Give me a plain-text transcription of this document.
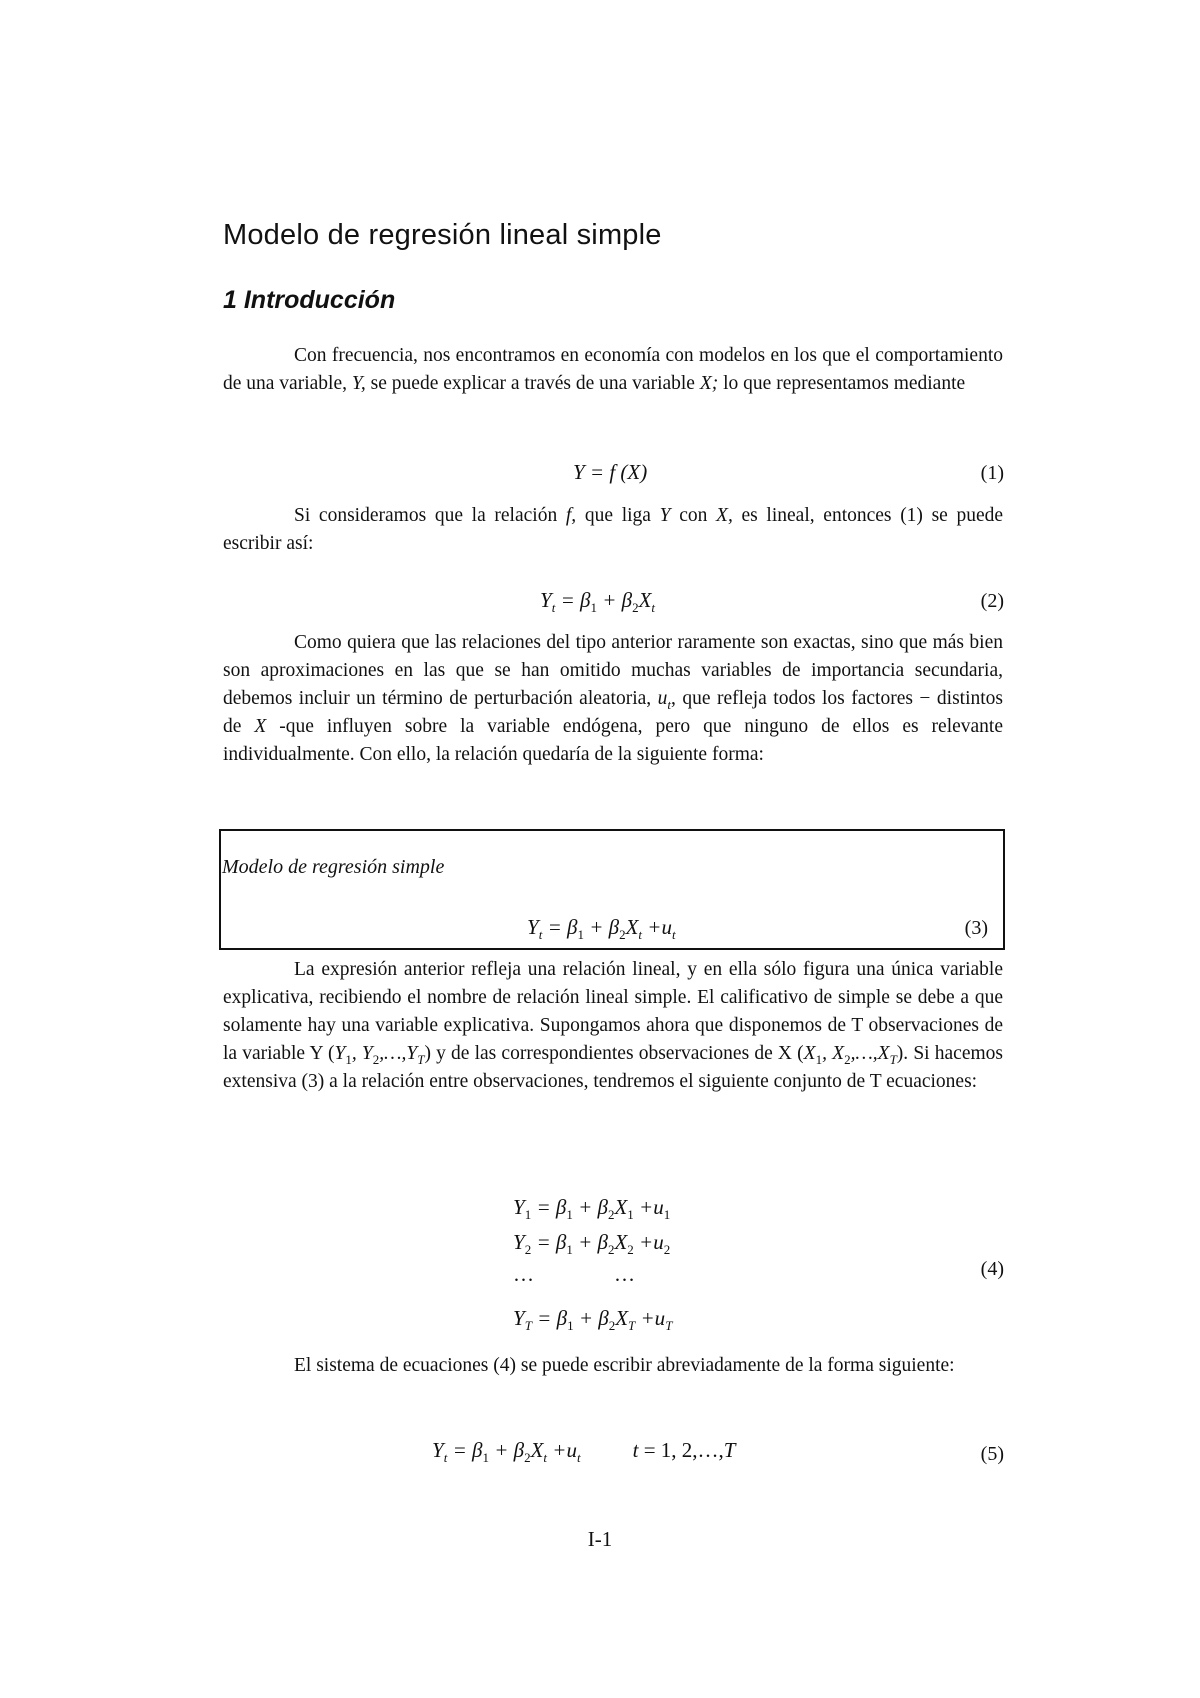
Modelo de regresión lineal simple
1 Introducción

Con frecuencia, nos encontramos en economía con modelos en los que el comportamiento de una variable, Y, se puede explicar a través de una variable X; lo que representamos mediante

Y = f (X)	(1)

Si consideramos que la relación f, que liga Y con X, es lineal, entonces (1) se puede escribir así:

$Y_t = \beta_1 + \beta_2X_t$	(2)

Como quiera que las relaciones del tipo anterior raramente son exactas, sino que más bien son aproximaciones en las que se han omitido muchas variables de importancia secundaria, debemos incluir un término de perturbación aleatoria, $u_t$, que refleja todos los factores − distintos de X -que influyen sobre la variable endógena, pero que ninguno de ellos es relevante individualmente. Con ello, la relación quedaría de la siguiente forma:

Modelo de regresión simple
$Y_t = \beta_1 + \beta_2X_t +u_t$	(3)

La expresión anterior refleja una relación lineal, y en ella sólo figura una única variable explicativa, recibiendo el nombre de relación lineal simple. El calificativo de simple se debe a que solamente hay una variable explicativa. Supongamos ahora que disponemos de T observaciones de la variable Y ($Y_1$, $Y_2,\dots,Y_T$) y de las correspondientes observaciones de X ($X_1$, $X_2,\dots,X_T$). Si hacemos extensiva (3) a la relación entre observaciones, tendremos el siguiente conjunto de T ecuaciones:

$Y_1 = \beta_1 + \beta_2X_1 +u_1$
$Y_2 = \beta_1 + \beta_2X_2 +u_2$
…	…
$Y_T = \beta_1 + \beta_2X_T +u_T$
(4)

El sistema de ecuaciones (4) se puede escribir abreviadamente de la forma siguiente:

$Y_t = \beta_1 + \beta_2X_t +u_t$ t = 1, 2,…,T	(5)
I-1
